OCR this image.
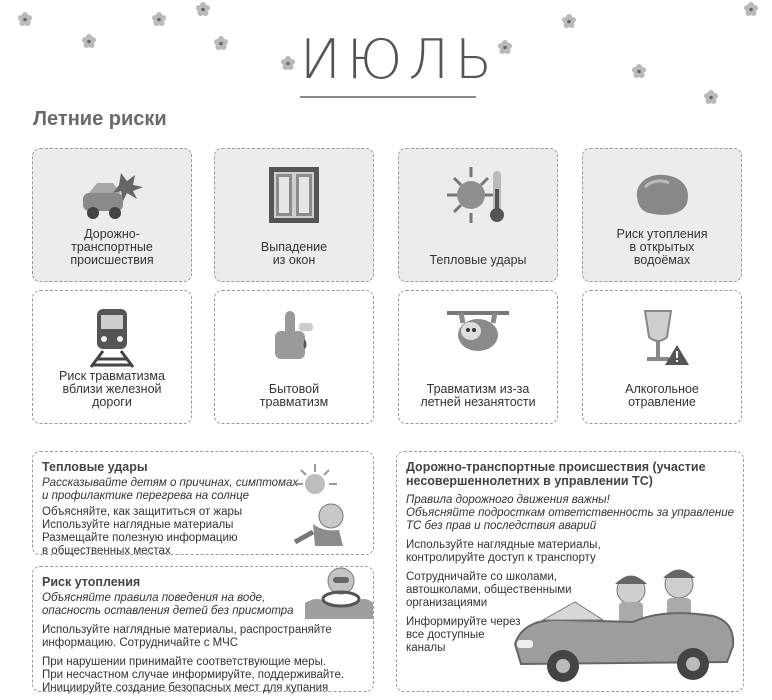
ИЮЛЬ
Летние риски
Дорожно-
транспортные
происшествия
Выпадение
из окон	Тепловые удары
Риск утопления
в открытых
водоёмах
Риск травматизма
вблизи железной
дороги
Бытовой
травматизм
Травматизм из-за
летней незанятости
Алкогольное
отравление
Тепловые удары
Рассказывайте детям о причинах, симптомах
и профилактике перегрева на солнце
Объясняйте, как защититься от жары
Используйте наглядные материалы
Размещайте полезную информацию
в общественных местах
Риск утопления
Объясняйте правила поведения на воде,
опасность оставления детей без присмотра
Используйте наглядные материалы, распространяйте
информацию. Сотрудничайте с МЧС
При нарушении принимайте соответствующие меры.
При несчастном случае информируйте, поддерживайте.
Инициируйте создание безопасных мест для купания
Дорожно-транспортные происшествия (участие
несовершеннолетних в управлении ТС)
Правила дорожного движения важны!
Объясняйте подросткам ответственность за управление
ТС без прав и последствия аварий
Используйте наглядные материалы,
контролируйте доступ к транспорту
Сотрудничайте со школами,
автошколами, общественными
организациями
Информируйте через
все доступные
каналы
